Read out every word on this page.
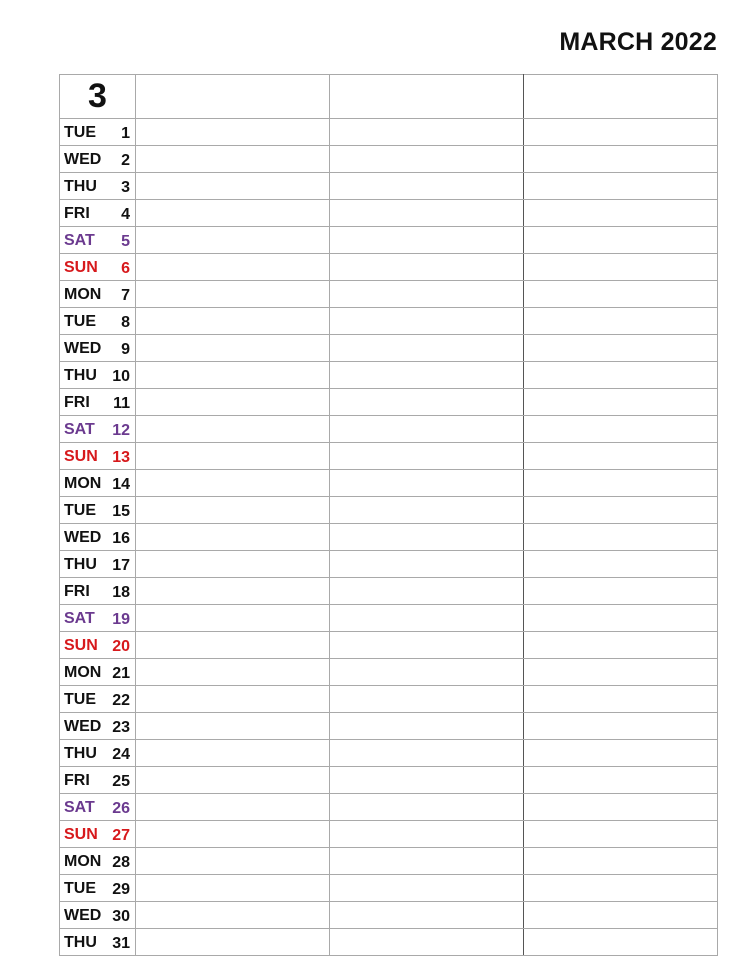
MARCH 2022
3			

TUE 1			

WED 2			

THU 3			

FRI 4			

SAT 5			

SUN 6			

MON 7			

TUE 8			

WED 9			

THU 10			

FRI 11			

SAT 12			

SUN 13			

MON 14			

TUE 15			

WED 16			

THU 17			

FRI 18			

SAT 19			

SUN 20			

MON 21			

TUE 22			

WED 23			

THU 24			

FRI 25			

SAT 26			

SUN 27			

MON 28			

TUE 29			

WED 30			

THU 31			
